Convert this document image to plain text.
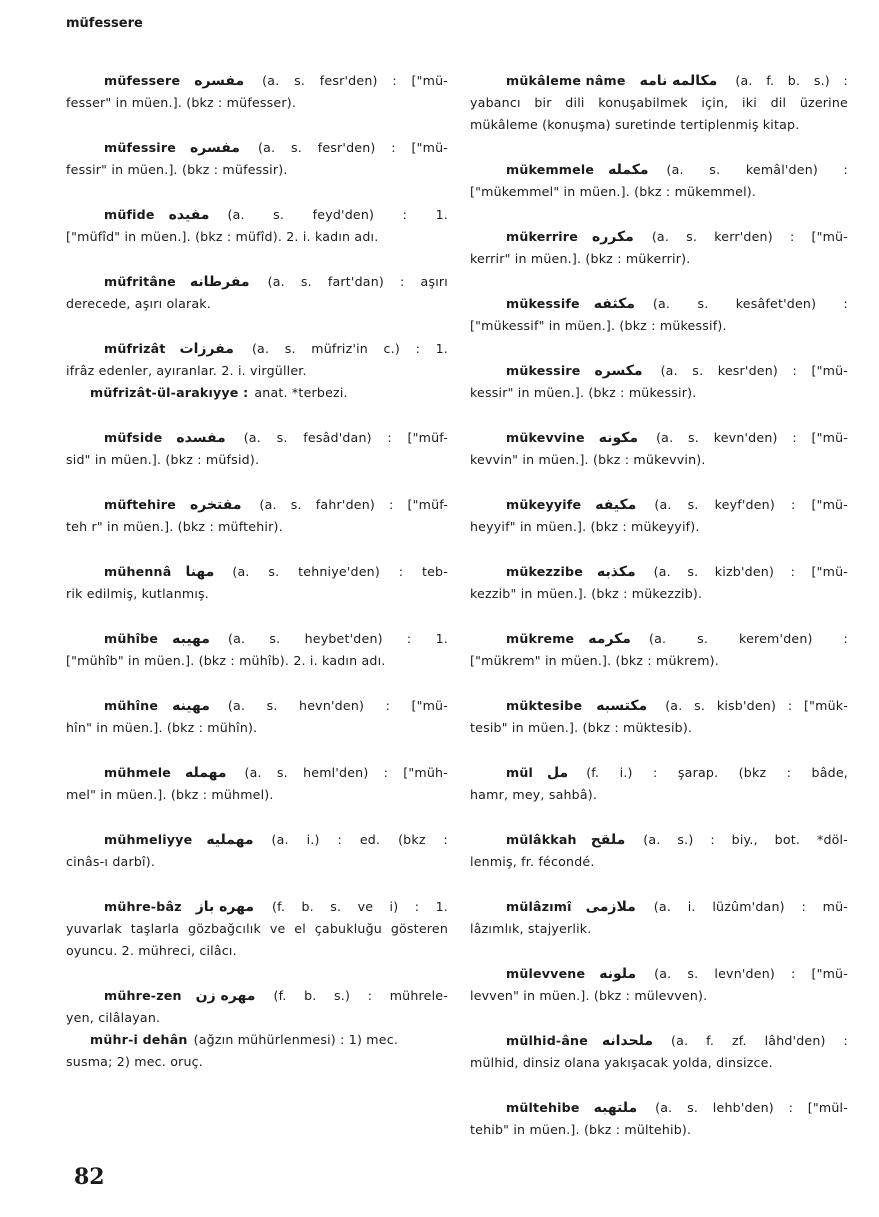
müfessere
müfessere مفسره (a. s. fesr'den) : ["mü-
fesser" in müen.]. (bkz : müfesser).
müfessire مفسره (a. s. fesr'den) : ["mü-
fessir" in müen.]. (bkz : müfessir).
müfide مفيده (a. s. feyd'den) : 1.
["müfîd" in müen.]. (bkz : müfîd). 2. i. kadın adı.
müfritâne مفرطانه (a. s. fart'dan) : aşırı
derecede, aşırı olarak.
müfrizât مفرزات (a. s. müfriz'in c.) : 1.
ifrâz edenler, ayıranlar. 2. i. virgüller.
müfrizât-ül-arakıyye : anat. *terbezi.
müfside مفسده (a. s. fesâd'dan) : ["müf-
sid" in müen.]. (bkz : müfsid).
müftehire مفتخره (a. s. fahr'den) : ["müf-
teh r" in müen.]. (bkz : müftehir).
mühennâ مهنا (a. s. tehniye'den) : teb-
rik edilmiş, kutlanmış.
mühîbe مهيبه (a. s. heybet'den) : 1.
["mühîb" in müen.]. (bkz : mühîb). 2. i. kadın adı.
mühîne مهينه (a. s. hevn'den) : ["mü-
hîn" in müen.]. (bkz : mühîn).
mühmele مهمله (a. s. heml'den) : ["müh-
mel" in müen.]. (bkz : mühmel).
mühmeliyye مهمليه (a. i.) : ed. (bkz :
cinâs-ı darbî).
mühre-bâz مهره باز (f. b. s. ve i) : 1.
yuvarlak taşlarla gözbağcılık ve el çabukluğu gösteren oyuncu. 2. mühreci, cilâcı.
mühre-zen مهره زن (f. b. s.) : mührele-
yen, cilâlayan.
mühr-i dehân (ağzın mühürlenmesi) : 1) mec.
susma; 2) mec. oruç.
mükâleme nâme مكالمه نامه (a. f. b. s.) :
yabancı bir dili konuşabilmek için, iki dil üzerine mükâleme (konuşma) suretinde tertiplenmiş kitap.
mükemmele مكمله (a. s. kemâl'den) :
["mükemmel" in müen.]. (bkz : mükemmel).
mükerrire مكرره (a. s. kerr'den) : ["mü-
kerrir" in müen.]. (bkz : mükerrir).
mükessife مكثفه (a. s. kesâfet'den) :
["mükessif" in müen.]. (bkz : mükessif).
mükessire مكسره (a. s. kesr'den) : ["mü-
kessir" in müen.]. (bkz : mükessir).
mükevvine مكونه (a. s. kevn'den) : ["mü-
kevvin" in müen.]. (bkz : mükevvin).
mükeyyife مكيفه (a. s. keyf'den) : ["mü-
heyyif" in müen.]. (bkz : mükeyyif).
mükezzibe مكذبه (a. s. kizb'den) : ["mü-
kezzib" in müen.]. (bkz : mükezzib).
mükreme مكرمه (a. s. kerem'den) :
["mükrem" in müen.]. (bkz : mükrem).
müktesibe مكتسبه (a. s. kisb'den) : ["mük-
tesib" in müen.]. (bkz : müktesib).
mül مل (f. i.) : şarap. (bkz : bâde,
hamr, mey, sahbâ).
mülâkkah ملقح (a. s.) : biy., bot. *döl-
lenmiş, fr. fécondé.
mülâzımî ملازمى (a. i. lüzûm'dan) : mü-
lâzımlık, stajyerlik.
mülevvene ملونه (a. s. levn'den) : ["mü-
levven" in müen.]. (bkz : mülevven).
mülhid-âne ملحدانه (a. f. zf. lâhd'den) :
mülhid, dinsiz olana yakışacak yolda, dinsizce.
mültehibe ملتهبه (a. s. lehb'den) : ["mül-
tehib" in müen.]. (bkz : mültehib).
82
